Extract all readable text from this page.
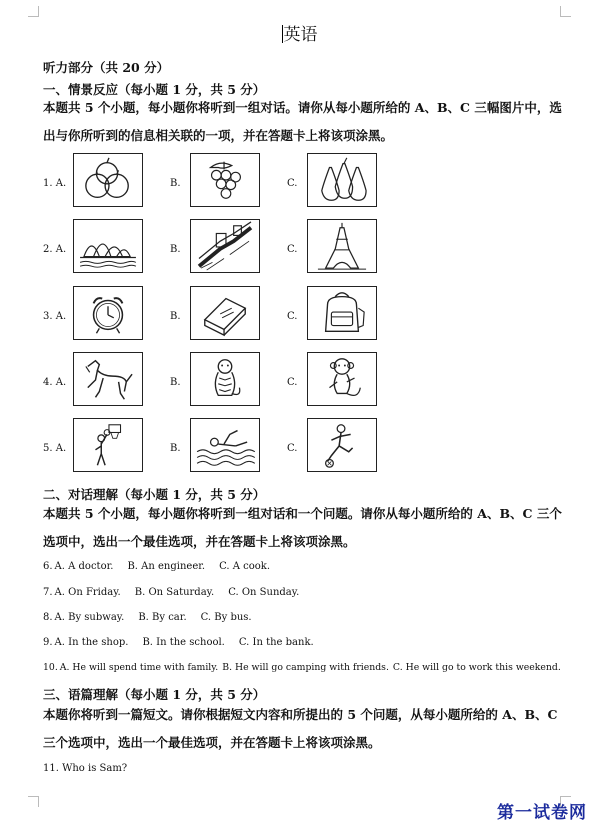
英语
听力部分（共 20 分）
一、情景反应（每小题 1 分，共 5 分）
本题共 5 个小题，每小题你将听到一组对话。请你从每小题所给的 A、B、C 三幅图片中，选
出与你所听到的信息相关联的一项，并在答题卡上将该项涂黑。
1. A.	B.	C.
2. A.	B.	C.
3. A.	B.	C.
4. A.	B.	C.
5. A.	B.	C.
二、对话理解（每小题 1 分，共 5 分）
本题共 5 个小题，每小题你将听到一组对话和一个问题。请你从每小题所给的 A、B、C 三个
选项中，选出一个最佳选项，并在答题卡上将该项涂黑。
6. A. A doctor. B. An engineer. C. A cook.
7. A. On Friday. B. On Saturday. C. On Sunday.
8. A. By subway. B. By car. C. By bus.
9. A. In the shop. B. In the school. C. In the bank.
10. A. He will spend time with family. B. He will go camping with friends. C. He will go to work this weekend.
三、语篇理解（每小题 1 分，共 5 分）
本题你将听到一篇短文。请你根据短文内容和所提出的 5 个问题，从每小题所给的 A、B、C
三个选项中，选出一个最佳选项，并在答题卡上将该项涂黑。
11. Who is Sam?
第一试卷网
